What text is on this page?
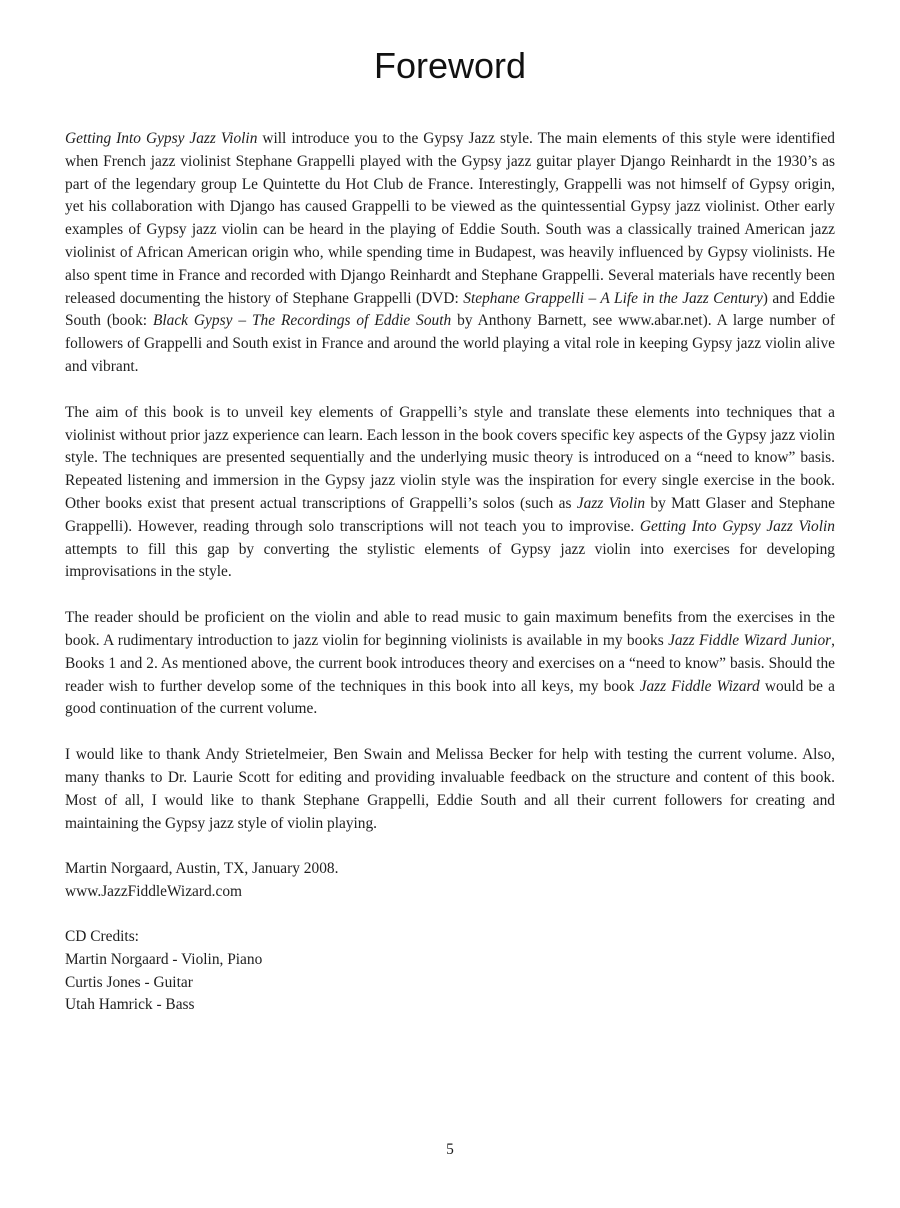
Foreword

Getting Into Gypsy Jazz Violin will introduce you to the Gypsy Jazz style. The main elements of this style were identified when French jazz violinist Stephane Grappelli played with the Gypsy jazz guitar player Django Reinhardt in the 1930’s as part of the legendary group Le Quintette du Hot Club de France. Interestingly, Grappelli was not himself of Gypsy origin, yet his collaboration with Django has caused Grappelli to be viewed as the quintessential Gypsy jazz violinist. Other early examples of Gypsy jazz violin can be heard in the playing of Eddie South. South was a classically trained American jazz violinist of African American origin who, while spending time in Budapest, was heavily influenced by Gypsy violinists. He also spent time in France and recorded with Django Reinhardt and Stephane Grappelli. Several materials have recently been released documenting the history of Stephane Grappelli (DVD: Stephane Grappelli – A Life in the Jazz Century) and Eddie South (book: Black Gypsy – The Recordings of Eddie South by Anthony Barnett, see www.abar.net). A large number of followers of Grappelli and South exist in France and around the world playing a vital role in keeping Gypsy jazz violin alive and vibrant.

The aim of this book is to unveil key elements of Grappelli’s style and translate these elements into techniques that a violinist without prior jazz experience can learn. Each lesson in the book covers specific key aspects of the Gypsy jazz violin style. The techniques are presented sequentially and the underlying music theory is introduced on a “need to know” basis. Repeated listening and immersion in the Gypsy jazz violin style was the inspiration for every single exercise in the book. Other books exist that present actual transcriptions of Grappelli’s solos (such as Jazz Violin by Matt Glaser and Stephane Grappelli). However, reading through solo transcriptions will not teach you to improvise. Getting Into Gypsy Jazz Violin attempts to fill this gap by converting the stylistic elements of Gypsy jazz violin into exercises for developing improvisations in the style.

The reader should be proficient on the violin and able to read music to gain maximum benefits from the exercises in the book. A rudimentary introduction to jazz violin for beginning violinists is available in my books Jazz Fiddle Wizard Junior, Books 1 and 2. As mentioned above, the current book introduces theory and exercises on a “need to know” basis. Should the reader wish to further develop some of the techniques in this book into all keys, my book Jazz Fiddle Wizard would be a good continuation of the current volume.

I would like to thank Andy Strietelmeier, Ben Swain and Melissa Becker for help with testing the current volume. Also, many thanks to Dr. Laurie Scott for editing and providing invaluable feedback on the structure and content of this book. Most of all, I would like to thank Stephane Grappelli, Eddie South and all their current followers for creating and maintaining the Gypsy jazz style of violin playing.

Martin Norgaard, Austin, TX, January 2008.

www.JazzFiddleWizard.com

CD Credits:

Martin Norgaard - Violin, Piano

Curtis Jones - Guitar

Utah Hamrick - Bass

5
